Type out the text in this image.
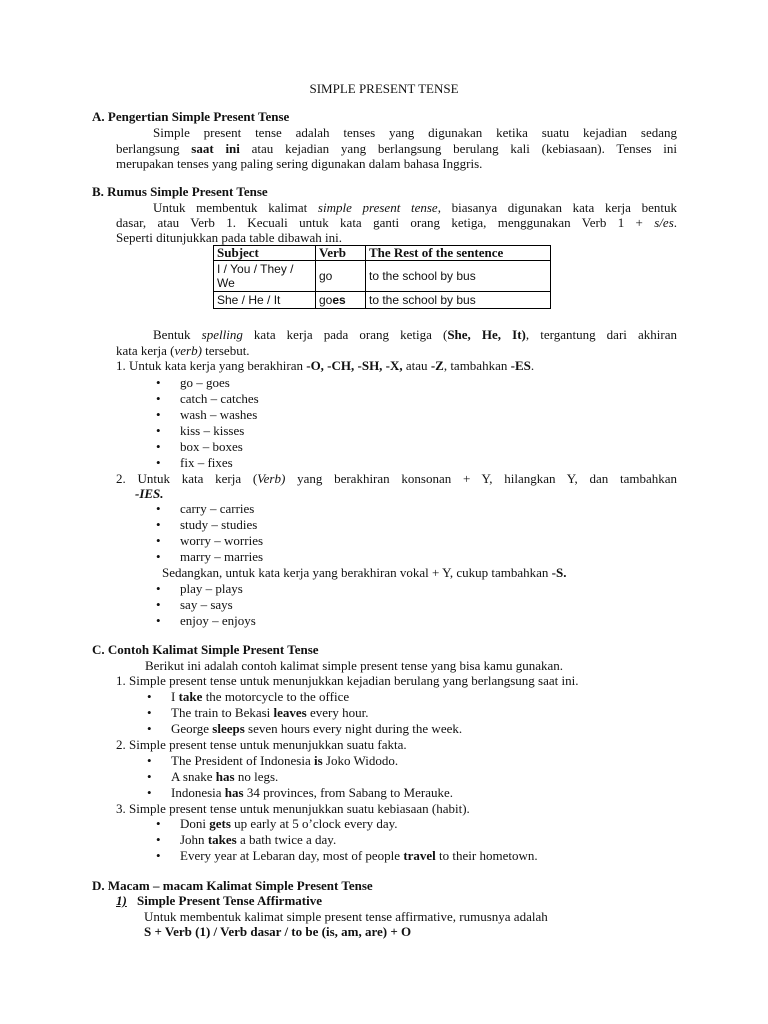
SIMPLE PRESENT TENSE
A. Pengertian Simple Present Tense
Simple present tense adalah tenses yang digunakan ketika suatu kejadian sedang
berlangsung saat ini atau kejadian yang berlangsung berulang kali (kebiasaan). Tenses ini
merupakan tenses yang paling sering digunakan dalam bahasa Inggris.
B. Rumus Simple Present Tense
Untuk membentuk kalimat simple present tense, biasanya digunakan kata kerja bentuk
dasar, atau Verb 1. Kecuali untuk kata ganti orang ketiga, menggunakan Verb 1 + s/es.
Seperti ditunjukkan pada table dibawah ini.
Subject	Verb	The Rest of the sentence
I / You / They /
We	go	to the school by bus
She / He / It	goes	to the school by bus
Bentuk spelling kata kerja pada orang ketiga (She, He, It), tergantung dari akhiran
kata kerja (verb) tersebut.
1. Untuk kata kerja yang berakhiran -O, -CH, -SH, -X, atau -Z, tambahkan -ES.
• go – goes
• catch – catches
• wash – washes
• kiss – kisses
• box – boxes
• fix – fixes
2. Untuk kata kerja (Verb) yang berakhiran konsonan + Y, hilangkan Y, dan tambahkan
-IES.
• carry – carries
• study – studies
• worry – worries
• marry – marries
Sedangkan, untuk kata kerja yang berakhiran vokal + Y, cukup tambahkan -S.
• play – plays
• say – says
• enjoy – enjoys
C. Contoh Kalimat Simple Present Tense
Berikut ini adalah contoh kalimat simple present tense yang bisa kamu gunakan.
1. Simple present tense untuk menunjukkan kejadian berulang yang berlangsung saat ini.
• I take the motorcycle to the office
• The train to Bekasi leaves every hour.
• George sleeps seven hours every night during the week.
2. Simple present tense untuk menunjukkan suatu fakta.
• The President of Indonesia is Joko Widodo.
• A snake has no legs.
• Indonesia has 34 provinces, from Sabang to Merauke.
3. Simple present tense untuk menunjukkan suatu kebiasaan (habit).
• Doni gets up early at 5 o’clock every day.
• John takes a bath twice a day.
• Every year at Lebaran day, most of people travel to their hometown.
D. Macam – macam Kalimat Simple Present Tense
1) Simple Present Tense Affirmative
Untuk membentuk kalimat simple present tense affirmative, rumusnya adalah
S + Verb (1) / Verb dasar / to be (is, am, are) + O
